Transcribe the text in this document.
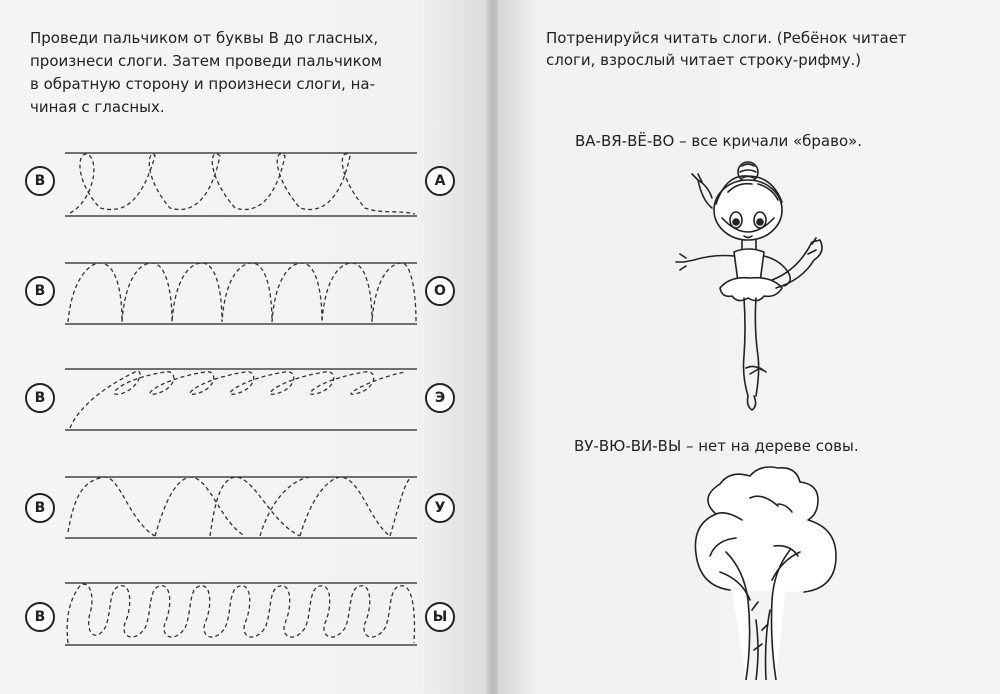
Проведи пальчиком от буквы В до гласных,
произнеси слоги. Затем проведи пальчиком
в обратную сторону и произнеси слоги, на-
чиная с гласных.
В	А
В	О
В	Э
В	У
В	Ы
Потренируйся читать слоги. (Ребёнок читает
слоги, взрослый читает строку-рифму.)
ВА-ВЯ-ВЁ-ВО – все кричали «браво».
ВУ-ВЮ-ВИ-ВЫ – нет на дереве совы.
